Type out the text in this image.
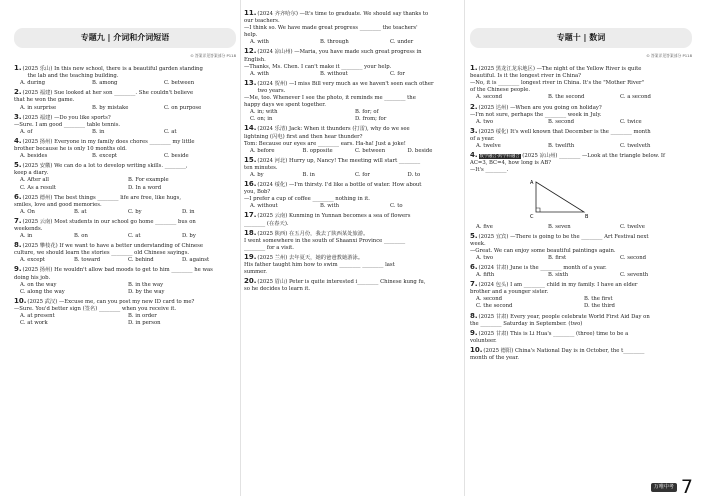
专题九 | 介词和介词短语
⊙ 答案详见答案部分 P118
1.(2025 乐山) In this new school, there is a beautiful garden standing
the lab and the teaching building.
A. during	B. among	C. between
2.(2025 福建) Sue looked at her son ________. She couldn't believe
that he won the game.
A. in surprise	B. by mistake	C. on purpose
3.(2025 福建) —Do you like sports?
—Sure. I am good ________ table tennis.
A. of	B. in	C. at
4.(2025 扬州) Everyone in my family does chores ________ my little
brother because he is only 10 months old.
A. besides	B. except	C. beside
5.(2025 安徽) We can do a lot to develop writing skills. ________,
keep a diary.
A. After all	B. For example
C. As a result	D. In a word
6.(2025 德州) The best things ________ life are free, like hugs,
smiles, love and good memories.
A. On	B. at	C. by	D. in
7.(2025 云南) Most students in our school go home ________ bus on
weekends.
A. in	B. on	C. at	D. by
8.(2025 攀枝花) If we want to have a better understanding of Chinese
culture, we should learn the stories ________ old Chinese sayings.
A. except	B. toward	C. behind	D. against
9.(2025 扬州) He wouldn't allow bad moods to get to him ________ he was
doing his job.
A. on the way	B. in the way
C. along the way	D. by the way
10.(2025 武汉) —Excuse me, can you post my new ID card to me?
—Sure. You'd better sign (签名) ________ when you receive it.
A. at present	B. in order
C. at work	D. in person
11.(2024 齐齐哈尔) —It's time to graduate. We should say thanks to
our teachers.
—I think so. We have made great progress ________ the teachers'
help.
A. with	B. through	C. under
12.(2024 凉山州) —Maria, you have made such great progress in
English.
—Thanks, Ms. Chen. I can't make it ________ your help.
A. with	B. without	C. for
13.(2024 贺州) —I miss Bill very much as we haven't seen each other
two years.
—Me, too. Whenever I see the photo, it reminds me ________ the
happy days we spent together.
A. in; with	B. for; of
C. on; in	D. from; for
14.(2024 乐清) Jack: When it thunders (打雷), why do we see
lightning (闪电) first and then hear thunder?
Tom: Because our eyes are ________ ears. Ha-ha! Just a joke!
A. before	B. opposite	C. between	D. beside
15.(2024 河北) Hurry up, Nancy! The meeting will start ________
ten minutes.
A. by	B. in	C. for	D. to
16.(2024 绥化) —I'm thirsty. I'd like a bottle of water. How about
you, Bob?
—I prefer a cup of coffee ________ nothing in it.
A. without	B. with	C. to
17.(2025 云南) Kunming in Yunnan becomes a sea of flowers
________ (在春天).
18.(2025 陕西) 在五月份，我去了陕西某处旅游。
I went somewhere in the south of Shaanxi Province ________
________ for a visit.
19.(2025 兰州) 去年夏天，她的爸爸教她游泳。
His father taught him how to swim ________ ________ last
summer.
20.(2025 眉山) Peter is quite interested i________ Chinese kung fu,
so he decides to learn it.
专题十 | 数词
⊙ 答案详见答案部分 P118
1.(2025 黑龙江龙东地区) —The night of the Yellow River is quite
beautiful. Is it the longest river in China?
—No, it is ________ longest river in China. It's the "Mother River"
of the Chinese people.
A. second	B. the second	C. a second
2.(2025 达州) —When are you going on holiday?
—I'm not sure, perhaps the ________ week in July.
A. two	B. second	C. twice
3.(2025 绥化) It's well known that December is the ________ month
of a year.
A. twelve	B. twelfth	C. twelveth
4. 数学融合·跨学科融合 (2025 凉山州) ________ —Look at the triangle below. If
AC=3, BC=4, how long is AB?
—It's ________.
A
C	B
A. five	B. seven	C. twelve
5.(2025 宜宾) —There is going to be the ________ Art Festival next
week.
—Great. We can enjoy some beautiful paintings again.
A. two	B. first	C. second
6.(2024 甘肃) June is the ________ month of a year.
A. fifth	B. sixth	C. seventh
7.(2024 包头) I am ________ child in my family. I have an elder
brother and a younger sister.
A. second	B. the first
C. the second	D. the third
8.(2025 甘肃) Every year, people celebrate World First Aid Day on
the ________ Saturday in September. (two)
9.(2025 甘肃) This is Li Hua's ________ (three) time to be a
volunteer.
10.(2025 德阳) China's National Day is in October, the t________
month of the year.
万唯中考 7
